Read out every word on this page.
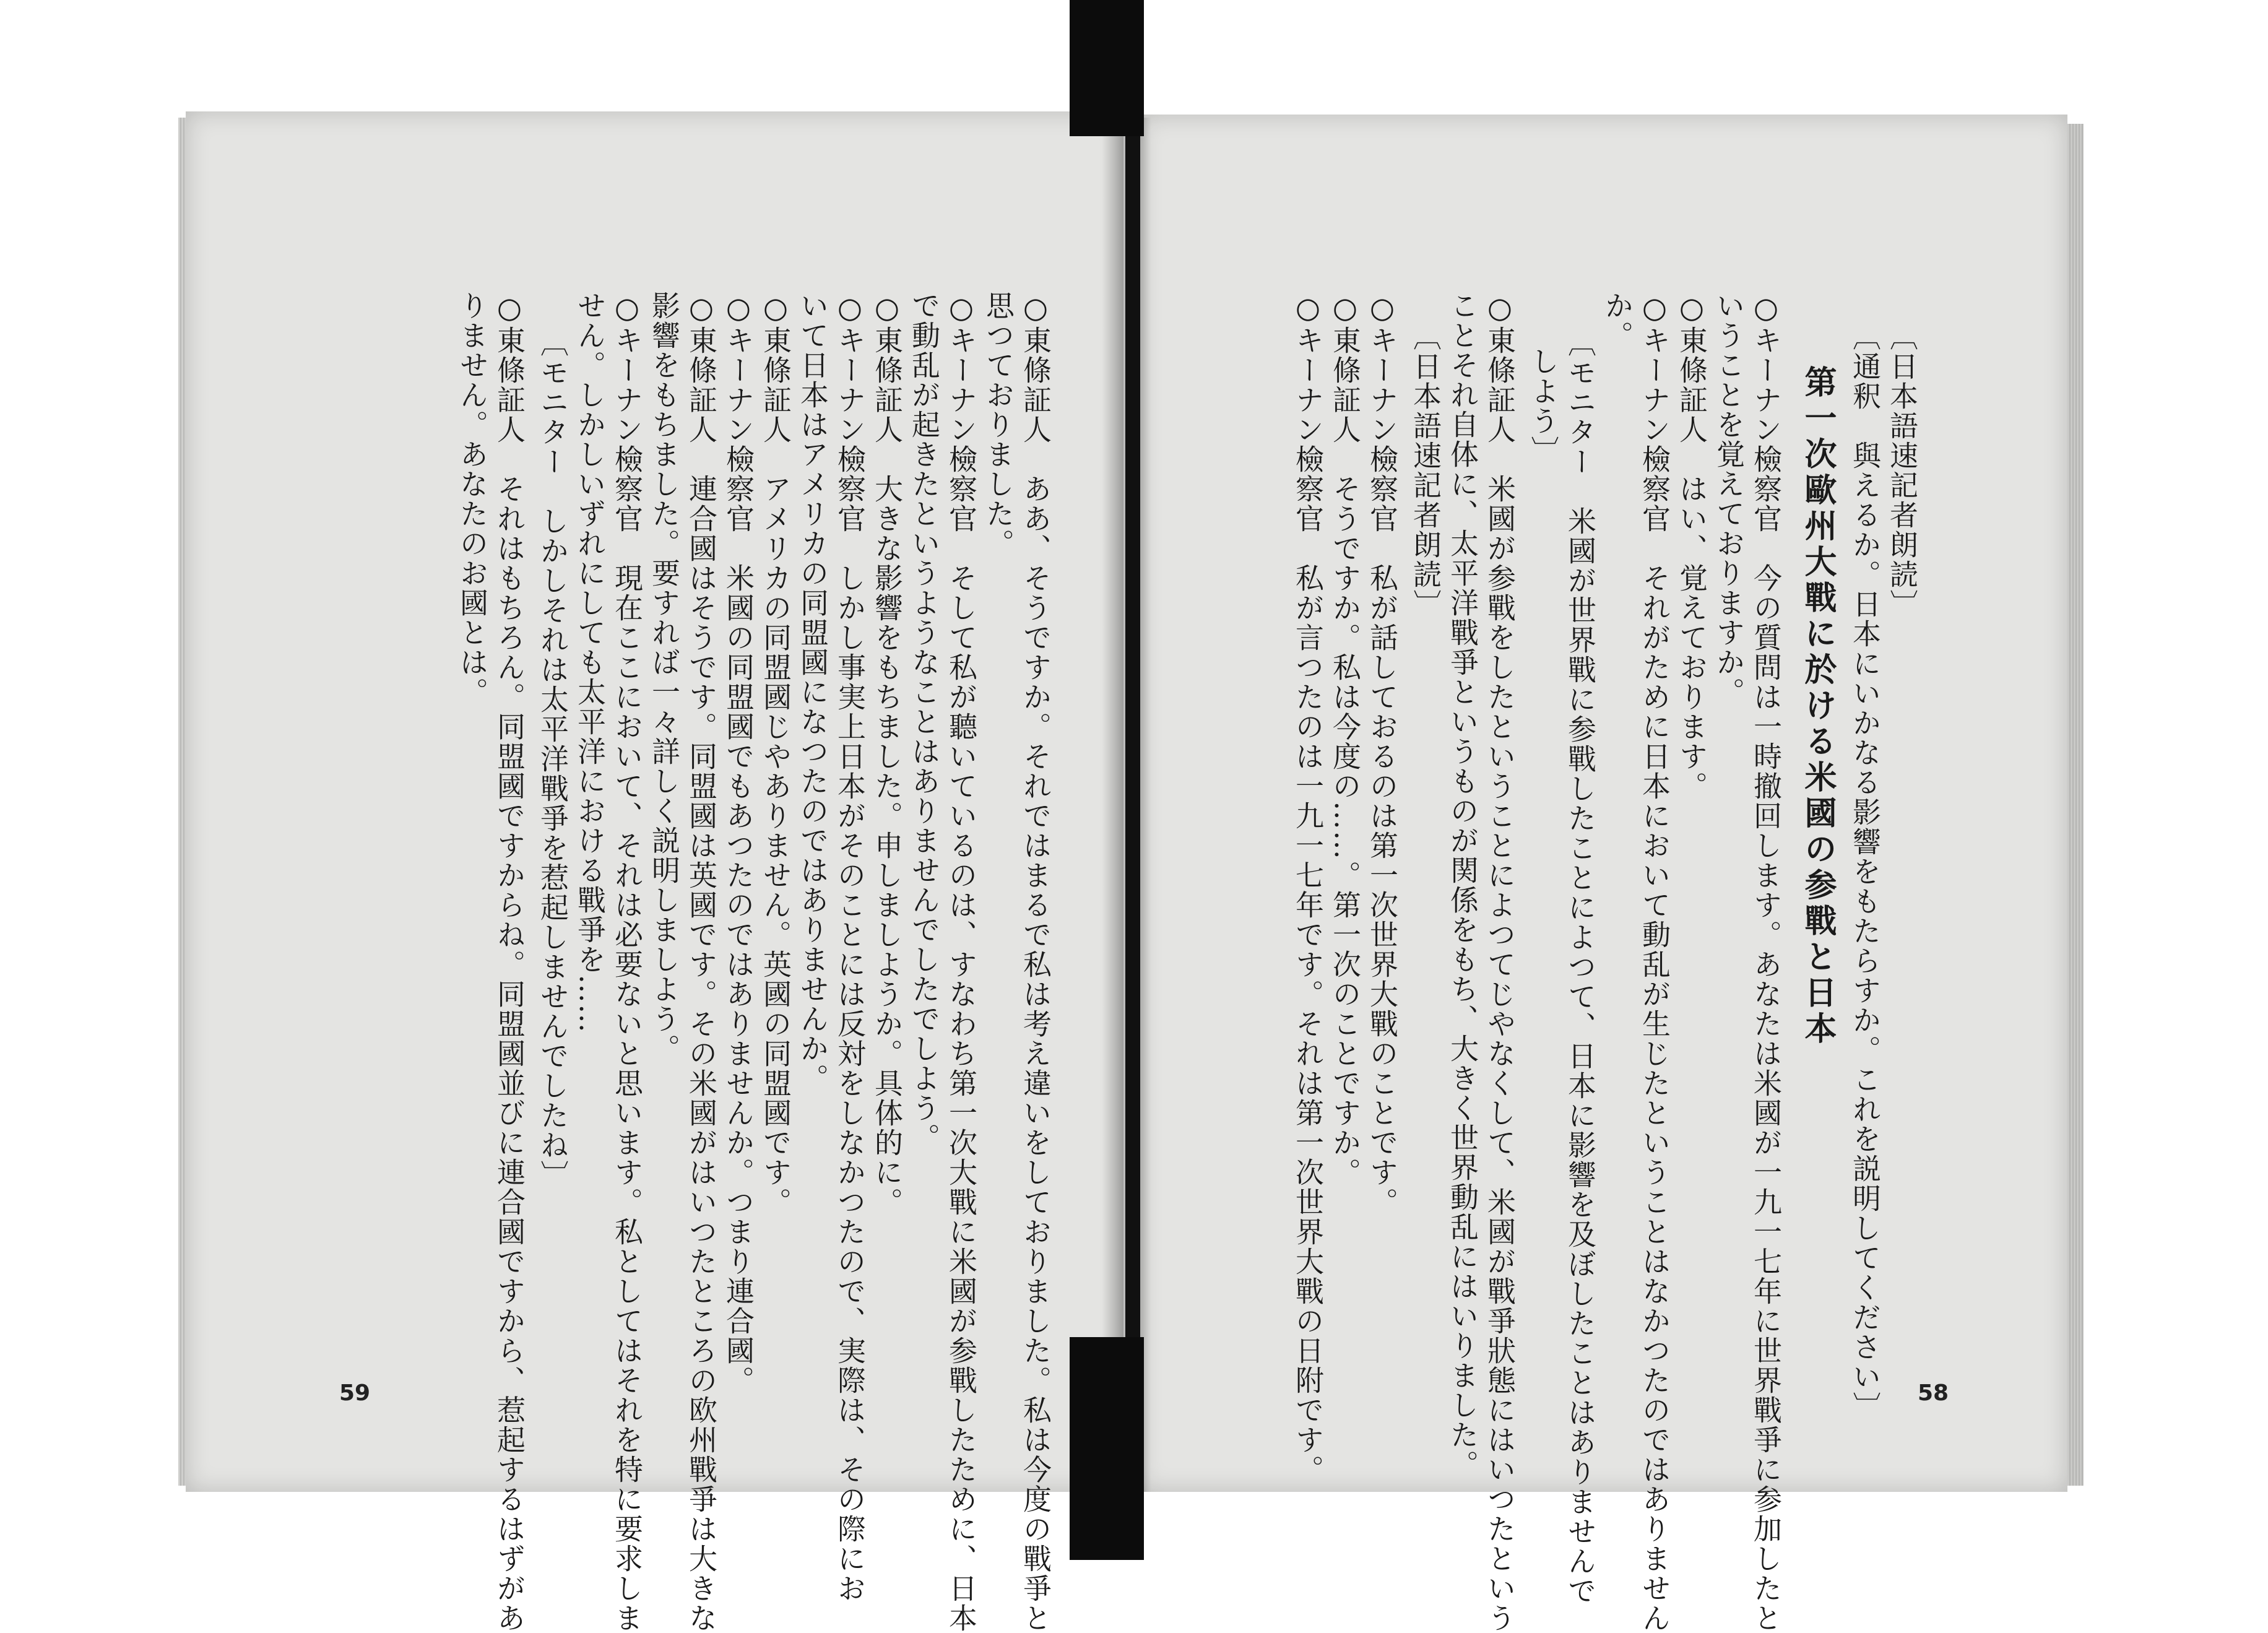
〔日本語速記者朗読〕
〔通釈　與えるか。日本にいかなる影響をもたらすか。これを説明してください〕
第一次歐州大戰に於ける米國の参戰と日本
○キーナン檢察官　今の質問は一時撤回します。あなたは米國が一九一七年に世界戰爭に参加したと
いうことを覚えておりますか。
○東條証人　はい、覚えております。
○キーナン檢察官　それがために日本において動乱が生じたということはなかつたのではありません
か。
〔モニター　米國が世界戰に参戰したことによつて、日本に影響を及ぼしたことはありませんで
しよう〕
○東條証人　米國が参戰をしたということによつてじやなくして、米國が戰爭狀態にはいつたという
ことそれ自体に、太平洋戰爭というものが関係をもち、大きく世界動乱にはいりました。
〔日本語速記者朗読〕
○キーナン檢察官　私が話しておるのは第一次世界大戰のことです。
○東條証人　そうですか。私は今度の……。第一次のことですか。
○キーナン檢察官　私が言つたのは一九一七年です。それは第一次世界大戰の日附です。	58
○東條証人　ああ、そうですか。それではまるで私は考え違いをしておりました。私は今度の戰爭と
思つておりました。
○キーナン檢察官　そして私が聽いているのは、すなわち第一次大戰に米國が参戰したために、日本
で動乱が起きたというようなことはありませんでしたでしよう。
○東條証人　大きな影響をもちました。申しましようか。具体的に。
○キーナン檢察官　しかし事実上日本がそのことには反対をしなかつたので、実際は、その際にお
いて日本はアメリカの同盟國になつたのではありませんか。
○東條証人　アメリカの同盟國じやありません。英國の同盟國です。
○キーナン檢察官　米國の同盟國でもあつたのではありませんか。つまり連合國。
○東條証人　連合國はそうです。同盟國は英國です。その米國がはいつたところの欧州戰爭は大きな
影響をもちました。要すれば一々詳しく説明しましよう。
○キーナン檢察官　現在ここにおいて、それは必要ないと思います。私としてはそれを特に要求しま
せん。しかしいずれにしても太平洋における戰爭を……
〔モニター　しかしそれは太平洋戰爭を惹起しませんでしたね〕
○東條証人　それはもちろん。同盟國ですからね。同盟國並びに連合國ですから、惹起するはずがあ
りません。あなたのお國とは。
59
